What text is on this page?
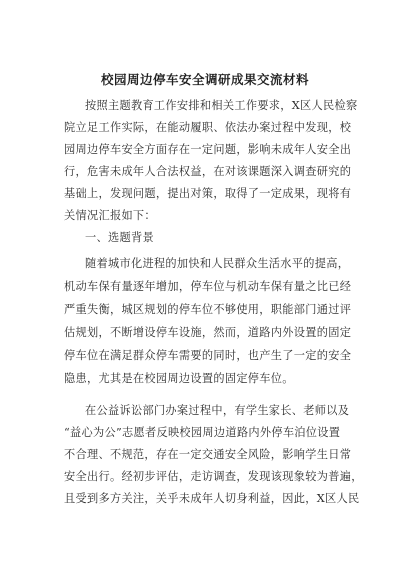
校园周边停车安全调研成果交流材料
按照主题教育工作安排和相关工作要求，X区人民检察
院立足工作实际，在能动履职、依法办案过程中发现，校
园周边停车安全方面存在一定问题，影响未成年人安全出
行，危害未成年人合法权益，在对该课题深入调查研究的
基础上，发现问题，提出对策，取得了一定成果，现将有
关情况汇报如下：
一、选题背景
随着城市化进程的加快和人民群众生活水平的提高，
机动车保有量逐年增加，停车位与机动车保有量之比已经
严重失衡，城区规划的停车位不够使用，职能部门通过评
估规划，不断增设停车设施，然而，道路内外设置的固定
停车位在满足群众停车需要的同时，也产生了一定的安全
隐患，尤其是在校园周边设置的固定停车位。
在公益诉讼部门办案过程中，有学生家长、老师以及
“益心为公”志愿者反映校园周边道路内外停车泊位设置
不合理、不规范，存在一定交通安全风险，影响学生日常
安全出行。经初步评估，走访调查，发现该现象较为普遍，
且受到多方关注，关乎未成年人切身利益，因此，X区人民
